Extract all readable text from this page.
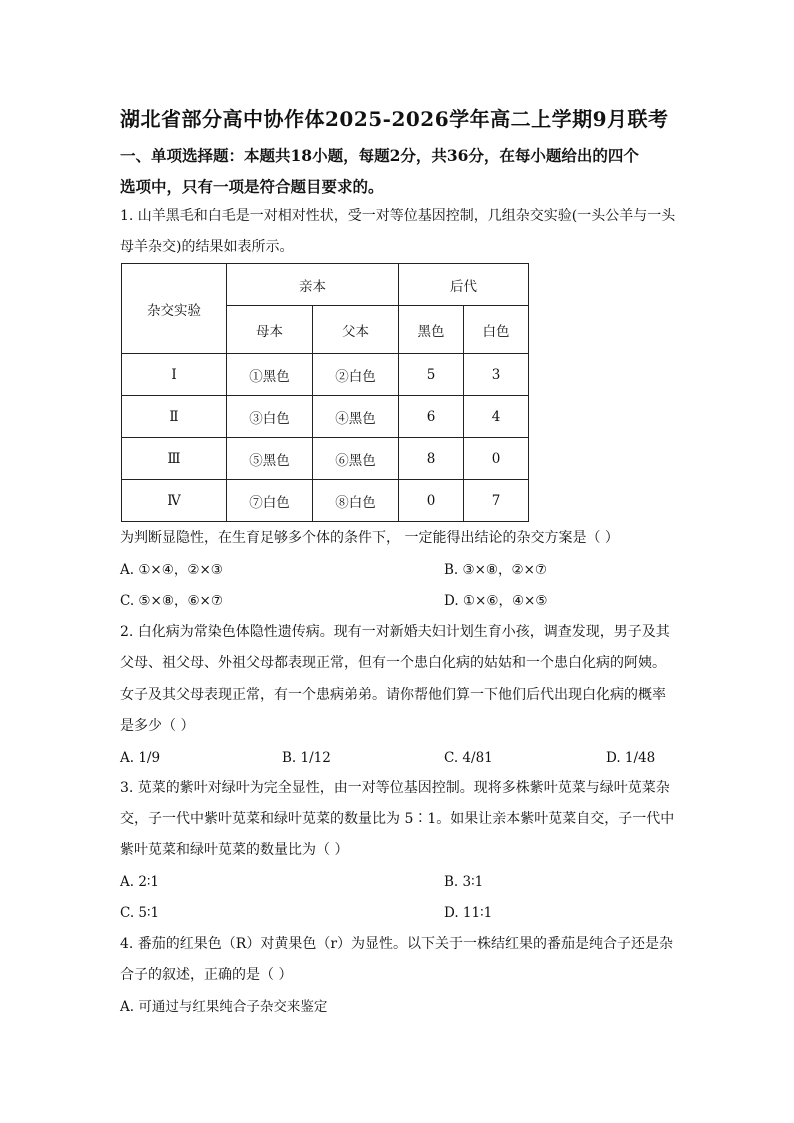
湖北省部分高中协作体2025-2026学年高二上学期9月联考
一、单项选择题：本题共18小题，每题2分，共36分，在每小题给出的四个
选项中，只有一项是符合题目要求的。
1. 山羊黑毛和白毛是一对相对性状，受一对等位基因控制，几组杂交实验(一头公羊与一头
母羊杂交)的结果如表所示。
杂交实验	亲本		后代	
	母本	父本	黑色	白色
Ⅰ	①黑色	②白色	5	3
Ⅱ	③白色	④黑色	6	4
Ⅲ	⑤黑色	⑥黑色	8	0
Ⅳ	⑦白色	⑧白色	0	7
为判断显隐性，在生育足够多个体的条件下， 一定能得出结论的杂交方案是（ ）
A. ①×④，②×③	B. ③×⑧，②×⑦
C. ⑤×⑧，⑥×⑦	D. ①×⑥，④×⑤
2. 白化病为常染色体隐性遗传病。现有一对新婚夫妇计划生育小孩，调查发现，男子及其
父母、祖父母、外祖父母都表现正常，但有一个患白化病的姑姑和一个患白化病的阿姨。
女子及其父母表现正常，有一个患病弟弟。请你帮他们算一下他们后代出现白化病的概率
是多少（ ）
A. 1/9	B. 1/12	C. 4/81	D. 1/48
3. 苋菜的紫叶对绿叶为完全显性，由一对等位基因控制。现将多株紫叶苋菜与绿叶苋菜杂
交，子一代中紫叶苋菜和绿叶苋菜的数量比为 5∶1。如果让亲本紫叶苋菜自交，子一代中
紫叶苋菜和绿叶苋菜的数量比为（ ）
A. 2∶1	B. 3∶1
C. 5∶1	D. 11∶1
4. 番茄的红果色（R）对黄果色（r）为显性。以下关于一株结红果的番茄是纯合子还是杂
合子的叙述，正确的是（ ）
A. 可通过与红果纯合子杂交来鉴定
